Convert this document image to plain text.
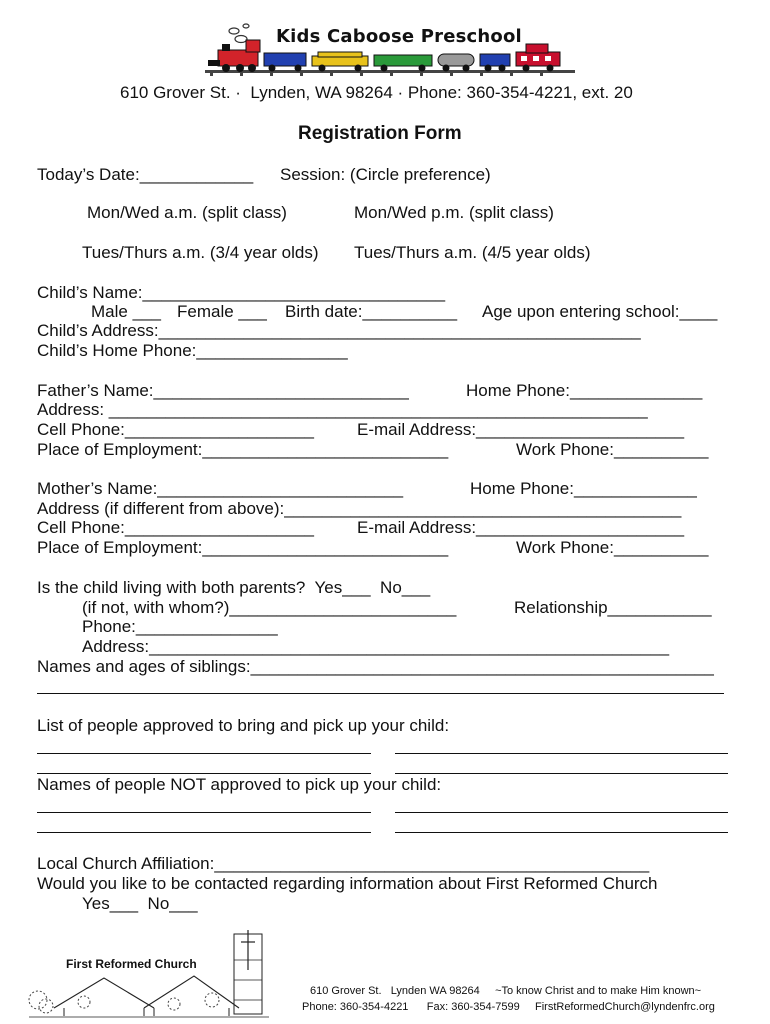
Kids Caboose Preschool
610 Grover St. ·  Lynden, WA 98264 · Phone: 360-354-4221, ext. 20
Registration Form
Today’s Date:____________ Session: (Circle preference)
Mon/Wed a.m. (split class)	Mon/Wed p.m. (split class)
Tues/Thurs a.m. (3/4 year olds) Tues/Thurs a.m. (4/5 year olds)
Child’s Name:________________________________
Male ___ Female ___ Birth date:__________ Age upon entering school:____
Child’s Address:___________________________________________________
Child’s Home Phone:________________
Father’s Name:___________________________	Home Phone:______________
Address: _________________________________________________________
Cell Phone:____________________	E-mail Address:______________________
Place of Employment:__________________________	Work Phone:__________
Mother’s Name:__________________________	Home Phone:_____________
Address (if different from above):__________________________________________
Cell Phone:____________________	E-mail Address:______________________
Place of Employment:__________________________	Work Phone:__________
Is the child living with both parents?  Yes___  No___
(if not, with whom?)________________________	Relationship___________
Phone:_______________
Address:_______________________________________________________
Names and ages of siblings:_________________________________________________
List of people approved to bring and pick up your child:
Names of people NOT approved to pick up your child:
Local Church Affiliation:______________________________________________
Would you like to be contacted regarding information about First Reformed Church
Yes___  No___
First Reformed Church
610 Grover St.   Lynden WA 98264     ~To know Christ and to make Him known~
Phone: 360-354-4221      Fax: 360-354-7599     FirstReformedChurch@lyndenfrc.org
